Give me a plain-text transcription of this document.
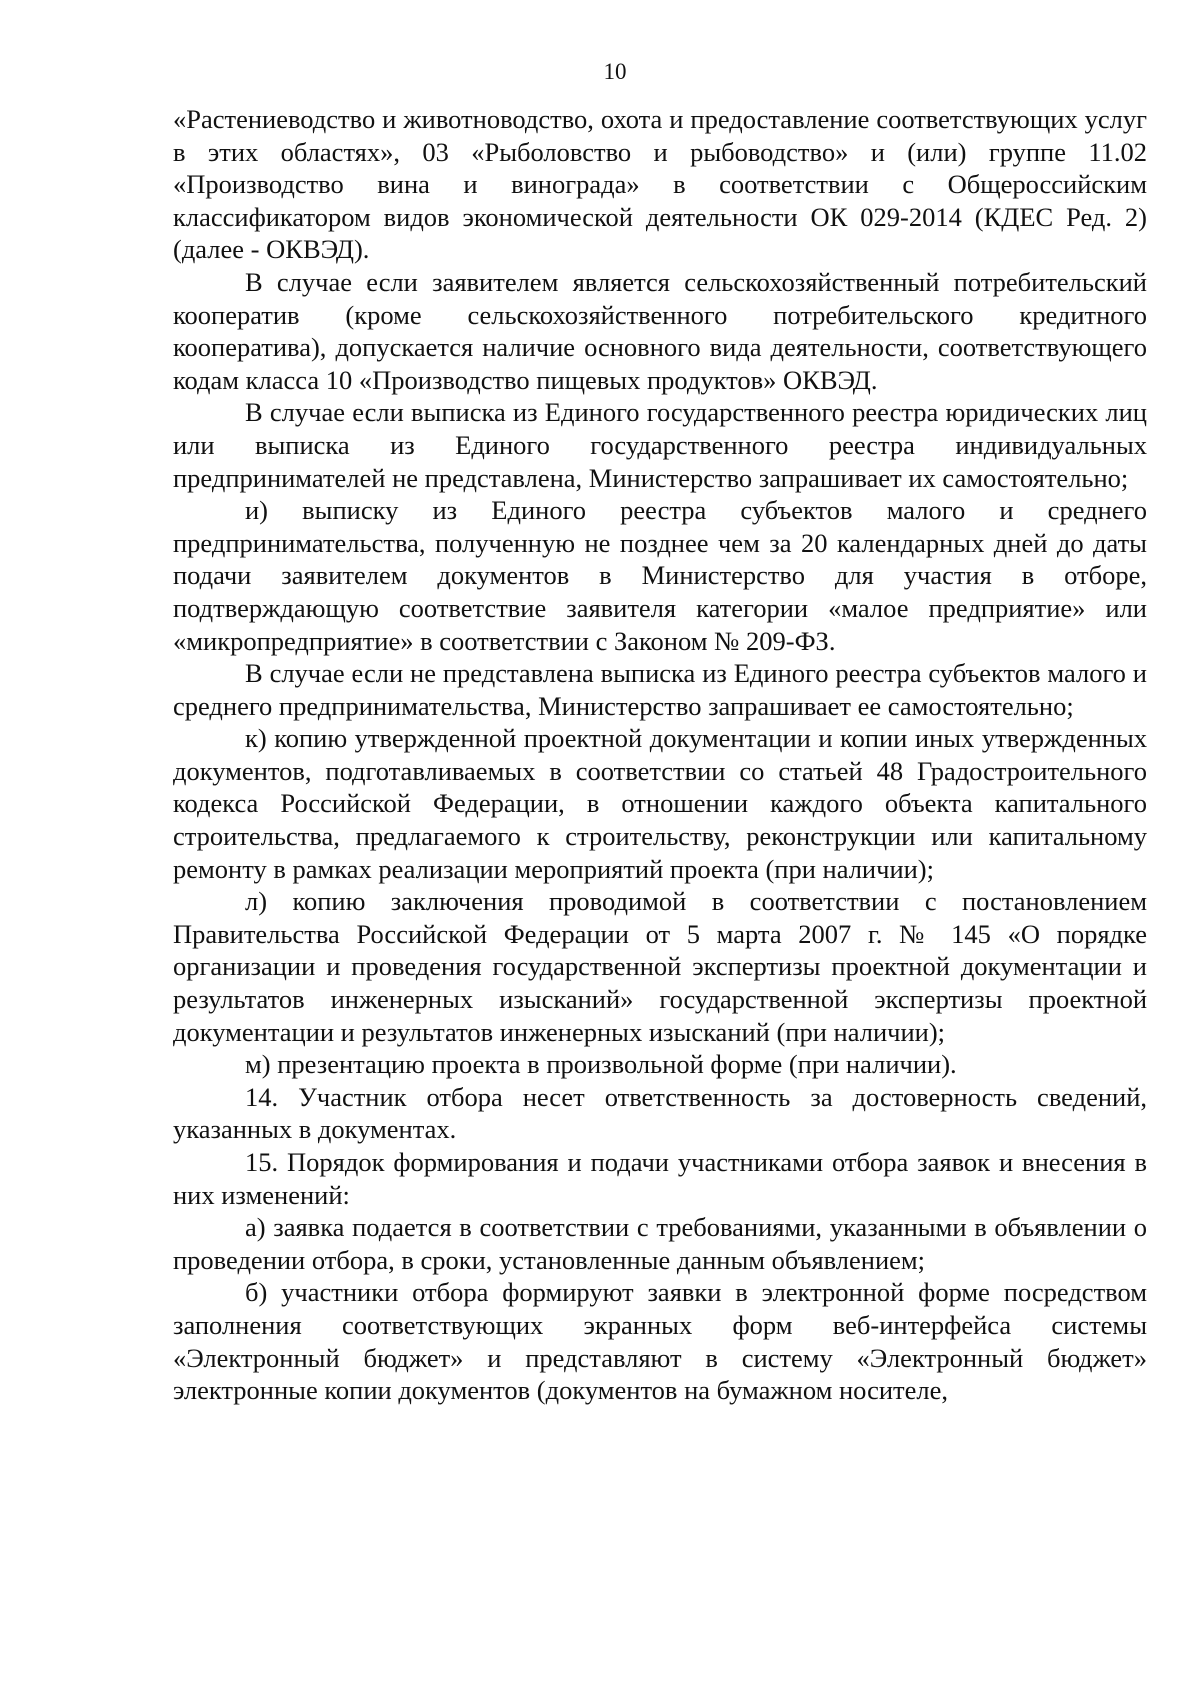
10

«Растениеводство и животноводство, охота и предоставление соответствующих услуг в этих областях», 03 «Рыболовство и рыбоводство» и (или) группе 11.02 «Производство вина и винограда» в соответствии с Общероссийским классификатором видов экономической деятельности ОК 029-2014 (КДЕС Ред. 2) (далее - ОКВЭД).

В случае если заявителем является сельскохозяйственный потребительский кооператив (кроме сельскохозяйственного потребительского кредитного кооператива), допускается наличие основного вида деятельности, соответствующего кодам класса 10 «Производство пищевых продуктов» ОКВЭД.

В случае если выписка из Единого государственного реестра юридических лиц или выписка из Единого государственного реестра индивидуальных предпринимателей не представлена, Министерство запрашивает их самостоятельно;

и) выписку из Единого реестра субъектов малого и среднего предпринимательства, полученную не позднее чем за 20 календарных дней до даты подачи заявителем документов в Министерство для участия в отборе, подтверждающую соответствие заявителя категории «малое предприятие» или «микропредприятие» в соответствии с Законом № 209-ФЗ.

В случае если не представлена выписка из Единого реестра субъектов малого и среднего предпринимательства, Министерство запрашивает ее самостоятельно;

к) копию утвержденной проектной документации и копии иных утвержденных документов, подготавливаемых в соответствии со статьей 48 Градостроительного кодекса Российской Федерации, в отношении каждого объекта капитального строительства, предлагаемого к строительству, реконструкции или капитальному ремонту в рамках реализации мероприятий проекта (при наличии);

л) копию заключения проводимой в соответствии с постановлением Правительства Российской Федерации от 5 марта 2007 г. № 145 «О порядке организации и проведения государственной экспертизы проектной документации и результатов инженерных изысканий» государственной экспертизы проектной документации и результатов инженерных изысканий (при наличии);

м) презентацию проекта в произвольной форме (при наличии).

14. Участник отбора несет ответственность за достоверность сведений, указанных в документах.

15. Порядок формирования и подачи участниками отбора заявок и внесения в них изменений:

а) заявка подается в соответствии с требованиями, указанными в объявлении о проведении отбора, в сроки, установленные данным объявлением;

б) участники отбора формируют заявки в электронной форме посредством заполнения соответствующих экранных форм веб-интерфейса системы «Электронный бюджет» и представляют в систему «Электронный бюджет» электронные копии документов (документов на бумажном носителе,
